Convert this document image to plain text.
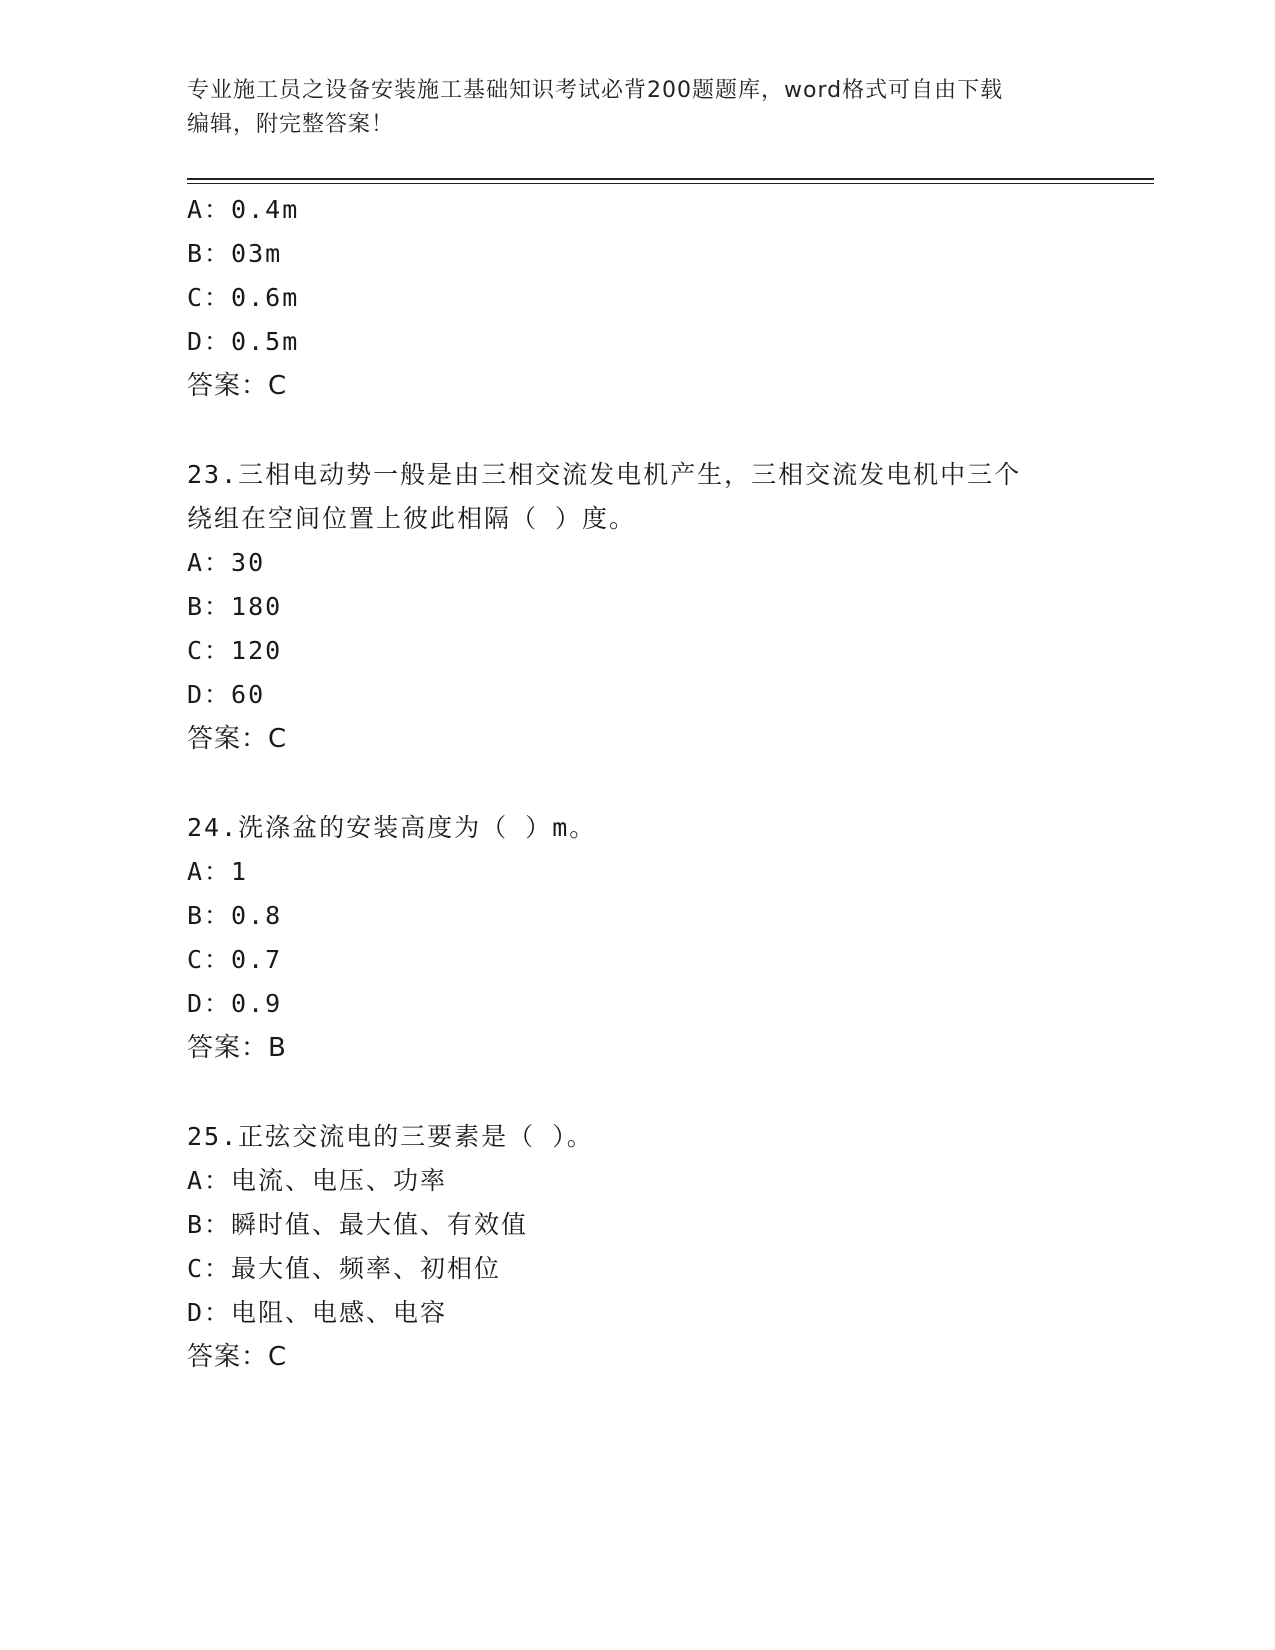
专业施工员之设备安装施工基础知识考试必背200题题库，word格式可自由下载
编辑，附完整答案！
A：0.4m
B：03m
C：0.6m
D：0.5m
答案：C
23.三相电动势一般是由三相交流发电机产生，三相交流发电机中三个
绕组在空间位置上彼此相隔（ ）度。
A：30
B：180
C：120
D：60
答案：C
24.洗涤盆的安装高度为（ ）m。
A：1
B：0.8
C：0.7
D：0.9
答案：B
25.正弦交流电的三要素是（ ）。
A：电流、电压、功率
B：瞬时值、最大值、有效值
C：最大值、频率、初相位
D：电阻、电感、电容
答案：C
